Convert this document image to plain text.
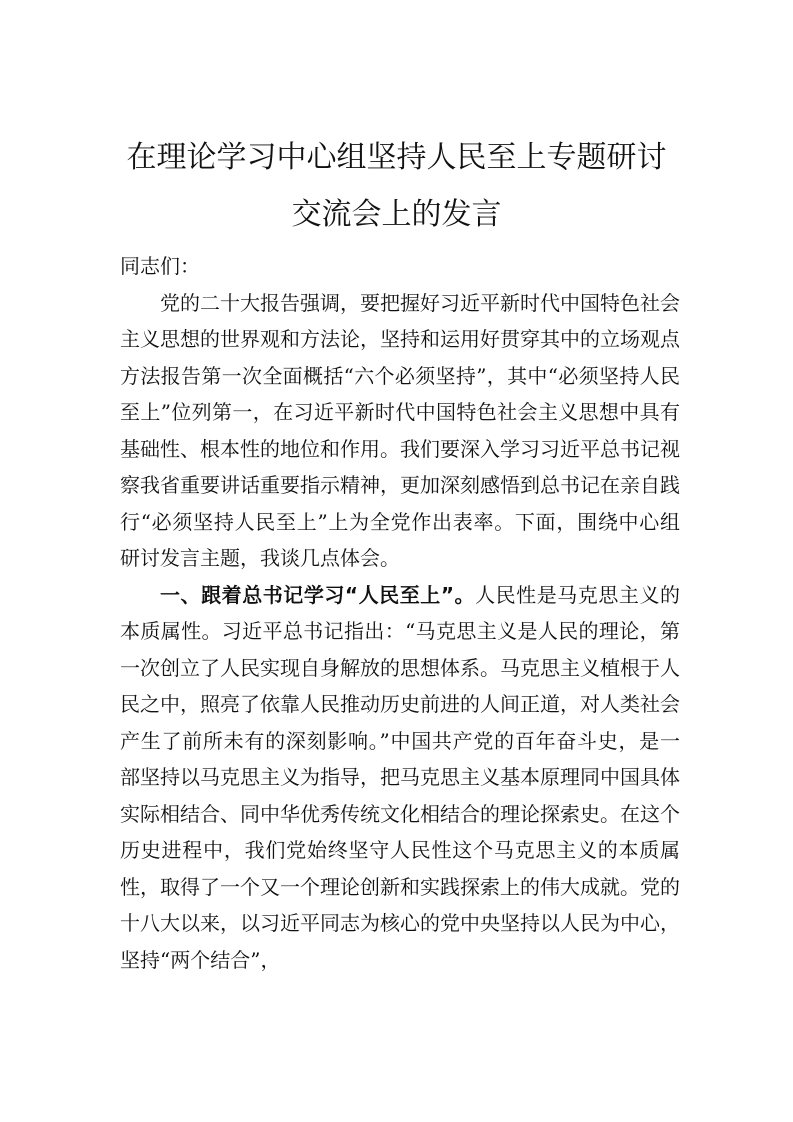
在理论学习中心组坚持人民至上专题研讨
交流会上的发言

同志们：

党的二十大报告强调，要把握好习近平新时代中国特色社会主义思想的世界观和方法论，坚持和运用好贯穿其中的立场观点方法报告第一次全面概括“六个必须坚持”，其中“必须坚持人民至上”位列第一，在习近平新时代中国特色社会主义思想中具有基础性、根本性的地位和作用。我们要深入学习习近平总书记视察我省重要讲话重要指示精神，更加深刻感悟到总书记在亲自践行“必须坚持人民至上”上为全党作出表率。下面，围绕中心组研讨发言主题，我谈几点体会。

一、跟着总书记学习“人民至上”。人民性是马克思主义的本质属性。习近平总书记指出：“马克思主义是人民的理论，第一次创立了人民实现自身解放的思想体系。马克思主义植根于人民之中，照亮了依靠人民推动历史前进的人间正道，对人类社会产生了前所未有的深刻影响。”中国共产党的百年奋斗史，是一部坚持以马克思主义为指导，把马克思主义基本原理同中国具体实际相结合、同中华优秀传统文化相结合的理论探索史。在这个历史进程中，我们党始终坚守人民性这个马克思主义的本质属性，取得了一个又一个理论创新和实践探索上的伟大成就。党的十八大以来，以习近平同志为核心的党中央坚持以人民为中心，坚持“两个结合”，
